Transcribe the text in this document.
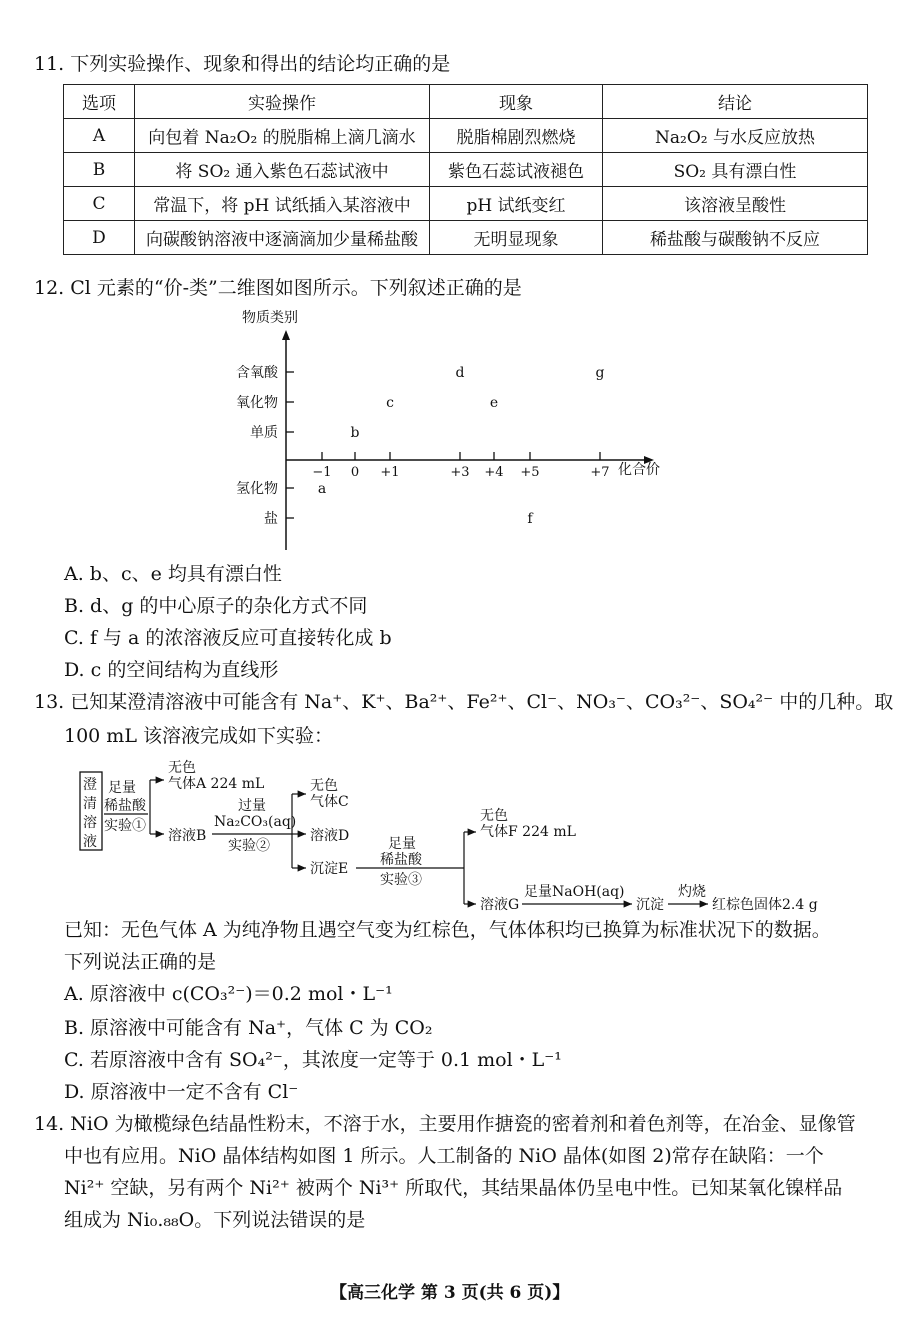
11. 下列实验操作、现象和得出的结论均正确的是
选项	实验操作	现象	结论
A	向包着 Na₂O₂ 的脱脂棉上滴几滴水	脱脂棉剧烈燃烧	Na₂O₂ 与水反应放热
B	将 SO₂ 通入紫色石蕊试液中	紫色石蕊试液褪色	SO₂ 具有漂白性
C	常温下，将 pH 试纸插入某溶液中	pH 试纸变红	该溶液呈酸性
D	向碳酸钠溶液中逐滴滴加少量稀盐酸	无明显现象	稀盐酸与碳酸钠不反应
12. Cl 元素的“价-类”二维图如图所示。下列叙述正确的是
物质类别
化合价
含氧酸
氧化物
单质
氢化物
盐
−1 0 +1	+3 +4 +5	+7
d	g
c	e
b
a
f
A. b、c、e 均具有漂白性
B. d、g 的中心原子的杂化方式不同
C. f 与 a 的浓溶液反应可直接转化成 b
D. c 的空间结构为直线形
13. 已知某澄清溶液中可能含有 Na⁺、K⁺、Ba²⁺、Fe²⁺、Cl⁻、NO₃⁻、CO₃²⁻、SO₄²⁻ 中的几种。取
100 mL 该溶液完成如下实验：
澄
清
溶
液
足量
稀盐酸
实验①
无色
气体A 224 mL
溶液B
过量
Na₂CO₃(aq)
实验②
无色
气体C
溶液D
沉淀E
足量
稀盐酸
实验③
无色
气体F 224 mL
溶液G
足量NaOH(aq)
沉淀
灼烧
红棕色固体2.4 g
已知：无色气体 A 为纯净物且遇空气变为红棕色，气体体积均已换算为标准状况下的数据。
下列说法正确的是
A. 原溶液中 c(CO₃²⁻)＝0.2 mol・L⁻¹
B. 原溶液中可能含有 Na⁺，气体 C 为 CO₂
C. 若原溶液中含有 SO₄²⁻，其浓度一定等于 0.1 mol・L⁻¹
D. 原溶液中一定不含有 Cl⁻
14. NiO 为橄榄绿色结晶性粉末，不溶于水，主要用作搪瓷的密着剂和着色剂等，在冶金、显像管
中也有应用。NiO 晶体结构如图 1 所示。人工制备的 NiO 晶体(如图 2)常存在缺陷：一个
Ni²⁺ 空缺，另有两个 Ni²⁺ 被两个 Ni³⁺ 所取代，其结果晶体仍呈电中性。已知某氧化镍样品
组成为 Ni₀.₈₈O。下列说法错误的是
【高三化学 第 3 页(共 6 页)】
